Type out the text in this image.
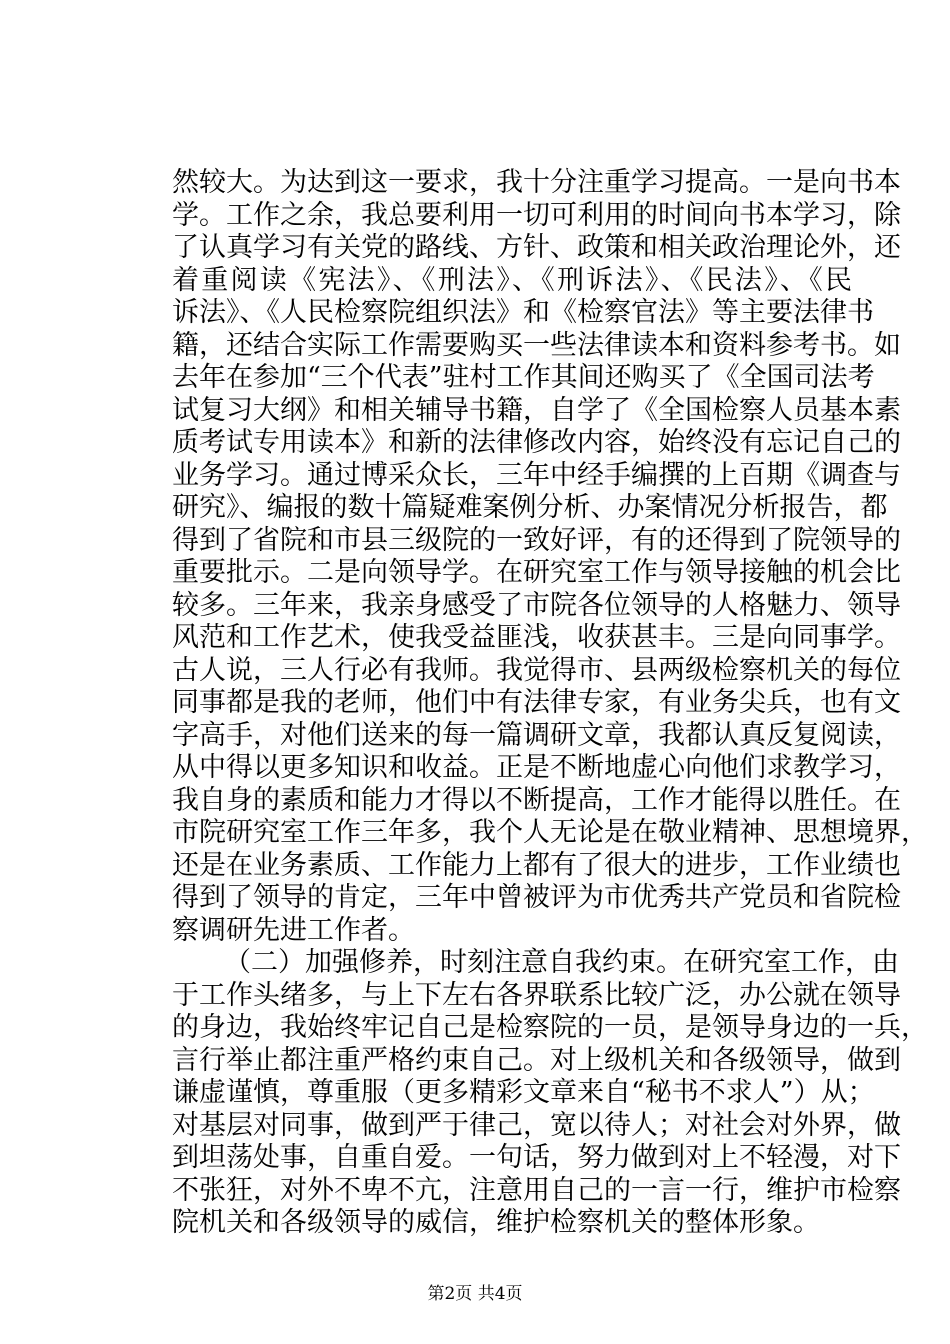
然较大。为达到这一要求，我十分注重学习提高。一是向书本
学。工作之余，我总要利用一切可利用的时间向书本学习，除
了认真学习有关党的路线、方针、政策和相关政治理论外，还
着重阅读《宪法》、《刑法》、《刑诉法》、《民法》、《民
诉法》、《人民检察院组织法》和《检察官法》等主要法律书
籍，还结合实际工作需要购买一些法律读本和资料参考书。如
去年在参加“三个代表”驻村工作其间还购买了《全国司法考
试复习大纲》和相关辅导书籍，自学了《全国检察人员基本素
质考试专用读本》和新的法律修改内容，始终没有忘记自己的
业务学习。通过博采众长，三年中经手编撰的上百期《调查与
研究》、编报的数十篇疑难案例分析、办案情况分析报告，都
得到了省院和市县三级院的一致好评，有的还得到了院领导的
重要批示。二是向领导学。在研究室工作与领导接触的机会比
较多。三年来，我亲身感受了市院各位领导的人格魅力、领导
风范和工作艺术，使我受益匪浅，收获甚丰。三是向同事学。
古人说，三人行必有我师。我觉得市、县两级检察机关的每位
同事都是我的老师，他们中有法律专家，有业务尖兵，也有文
字高手，对他们送来的每一篇调研文章，我都认真反复阅读，
从中得以更多知识和收益。正是不断地虚心向他们求教学习，
我自身的素质和能力才得以不断提高，工作才能得以胜任。在
市院研究室工作三年多，我个人无论是在敬业精神、思想境界，
还是在业务素质、工作能力上都有了很大的进步，工作业绩也
得到了领导的肯定，三年中曾被评为市优秀共产党员和省院检
察调研先进工作者。
（二）加强修养，时刻注意自我约束。在研究室工作，由
于工作头绪多，与上下左右各界联系比较广泛，办公就在领导
的身边，我始终牢记自己是检察院的一员，是领导身边的一兵，
言行举止都注重严格约束自己。对上级机关和各级领导，做到
谦虚谨慎，尊重服（更多精彩文章来自“秘书不求人”）从；
对基层对同事，做到严于律己，宽以待人；对社会对外界，做
到坦荡处事，自重自爱。一句话，努力做到对上不轻漫，对下
不张狂，对外不卑不亢，注意用自己的一言一行，维护市检察
院机关和各级领导的威信，维护检察机关的整体形象。
第2页 共4页
